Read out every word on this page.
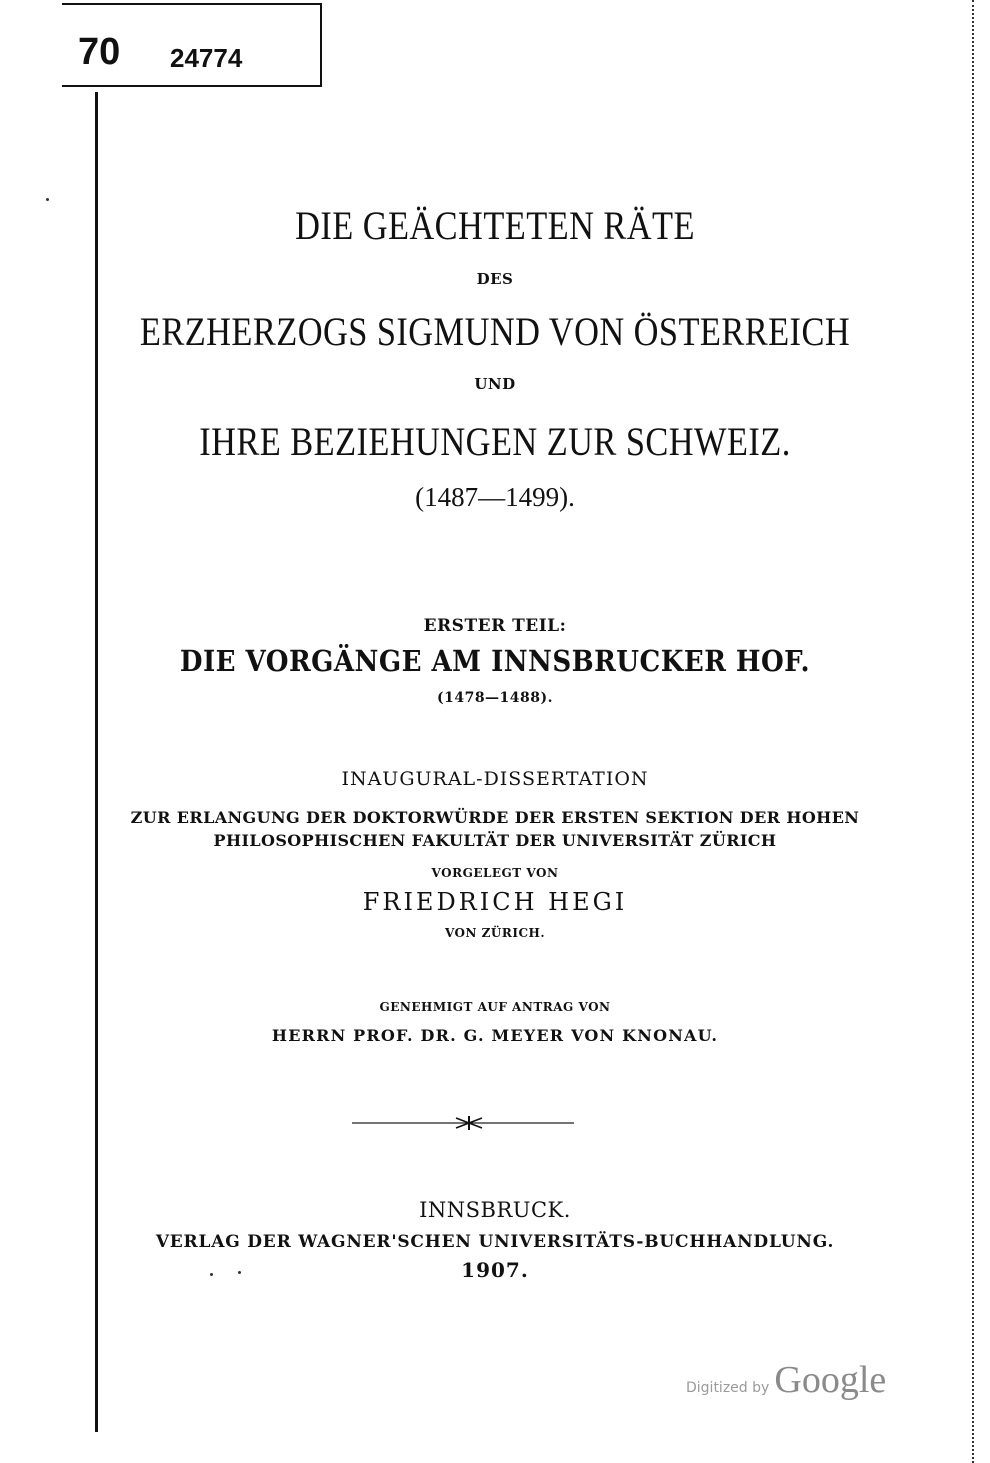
70 24774
DIE GEÄCHTETEN RÄTE
DES
ERZHERZOGS SIGMUND VON ÖSTERREICH
UND
IHRE BEZIEHUNGEN ZUR SCHWEIZ.
(1487—1499).
ERSTER TEIL:
DIE VORGÄNGE AM INNSBRUCKER HOF.
(1478—1488).
INAUGURAL-DISSERTATION
ZUR ERLANGUNG DER DOKTORWÜRDE DER ERSTEN SEKTION DER HOHEN
PHILOSOPHISCHEN FAKULTÄT DER UNIVERSITÄT ZÜRICH
VORGELEGT VON
FRIEDRICH HEGI
VON ZÜRICH.
GENEHMIGT AUF ANTRAG VON
HERRN PROF. DR. G. MEYER VON KNONAU.
INNSBRUCK.
VERLAG DER WAGNER'SCHEN UNIVERSITÄTS-BUCHHANDLUNG.
1907.
Digitized by Google
